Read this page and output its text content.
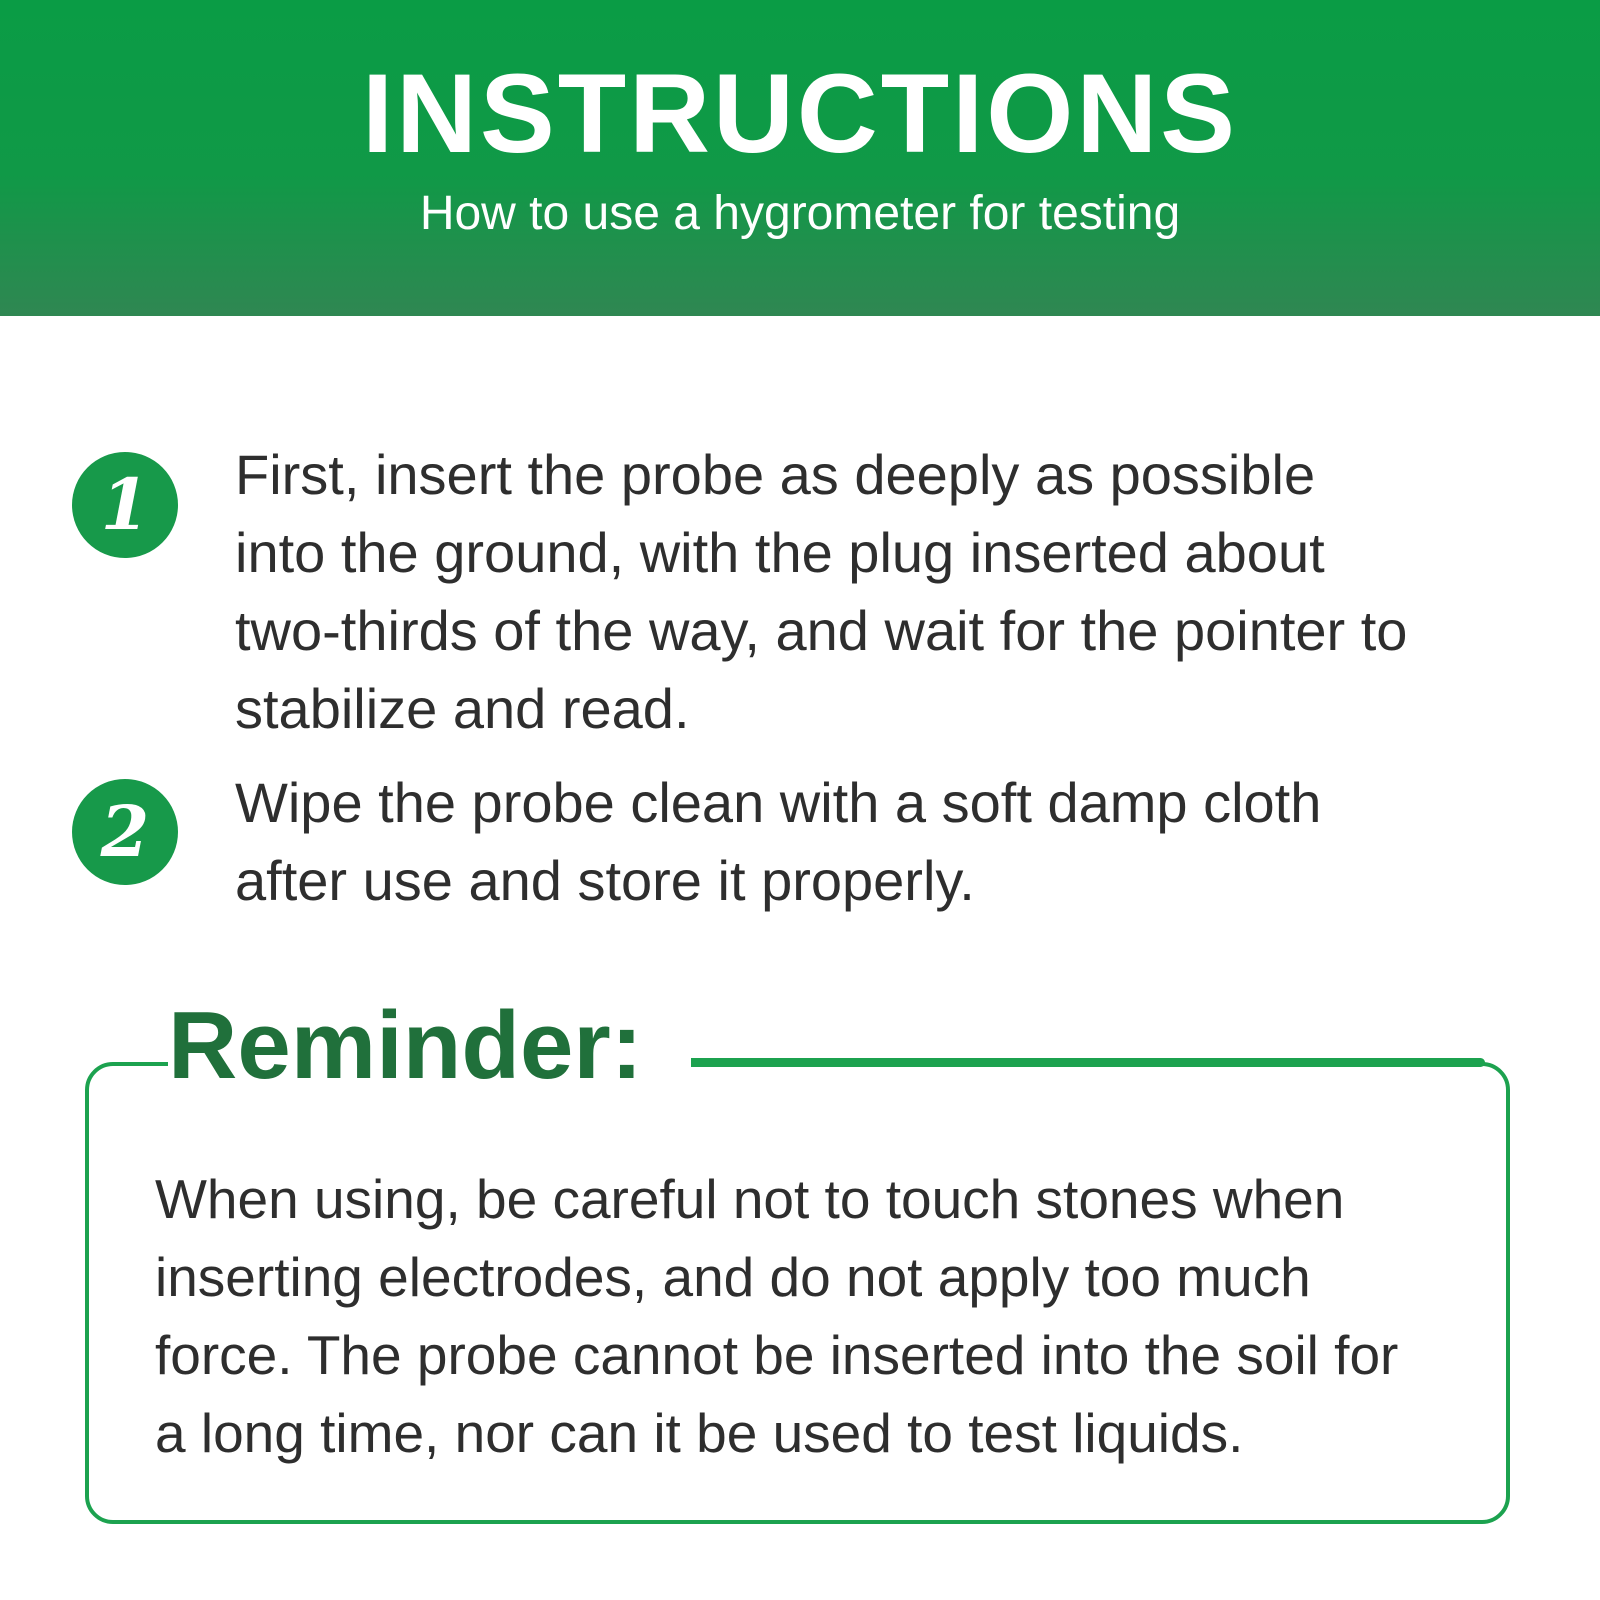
INSTRUCTIONS
How to use a hygrometer for testing
1	First, insert the probe as deeply as possible into the ground, with the plug inserted about two-thirds of the way, and wait for the pointer to stabilize and read.
2	Wipe the probe clean with a soft damp cloth after use and store it properly.
Reminder:
When using, be careful not to touch stones when inserting electrodes, and do not apply too much force. The probe cannot be inserted into the soil for a long time, nor can it be used to test liquids.
